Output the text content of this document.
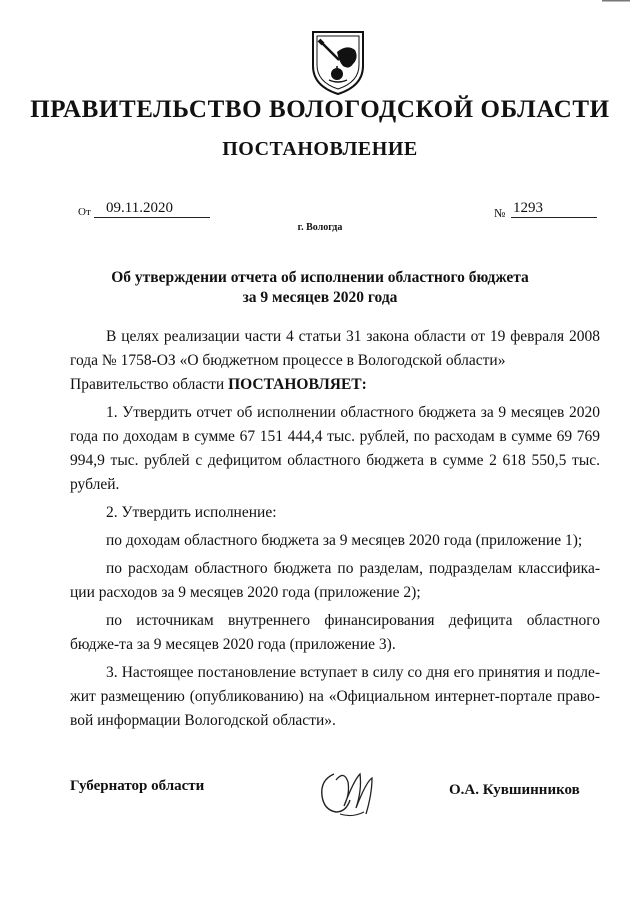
ПРАВИТЕЛЬСТВО ВОЛОГОДСКОЙ ОБЛАСТИ
ПОСТАНОВЛЕНИЕ
От	09.11.2020
г. Вологда
№ 1293
Об утверждении отчета об исполнении областного бюджета
за 9 месяцев 2020 года

В целях реализации части 4 статьи 31 закона области от 19 февраля 2008
года № 1758-ОЗ «О бюджетном процессе в Вологодской области»
Правительство области ПОСТАНОВЛЯЕТ:

1. Утвердить отчет об исполнении областного бюджета за 9 месяцев 2020 года по доходам в сумме 67 151 444,4 тыс. рублей, по расходам в сумме 69 769 994,9 тыс. рублей с дефицитом областного бюджета в сумме 2 618 550,5 тыс. рублей.

2. Утвердить исполнение:

по доходам областного бюджета за 9 месяцев 2020 года (приложение 1);

по расходам областного бюджета по разделам, подразделам классифика-ции расходов за 9 месяцев 2020 года (приложение 2);

по источникам внутреннего финансирования дефицита областного бюдже-та за 9 месяцев 2020 года (приложение 3).

3. Настоящее постановление вступает в силу со дня его принятия и подле-жит размещению (опубликованию) на «Официальном интернет-портале право-вой информации Вологодской области».

Губернатор области	О.А. Кувшинников
